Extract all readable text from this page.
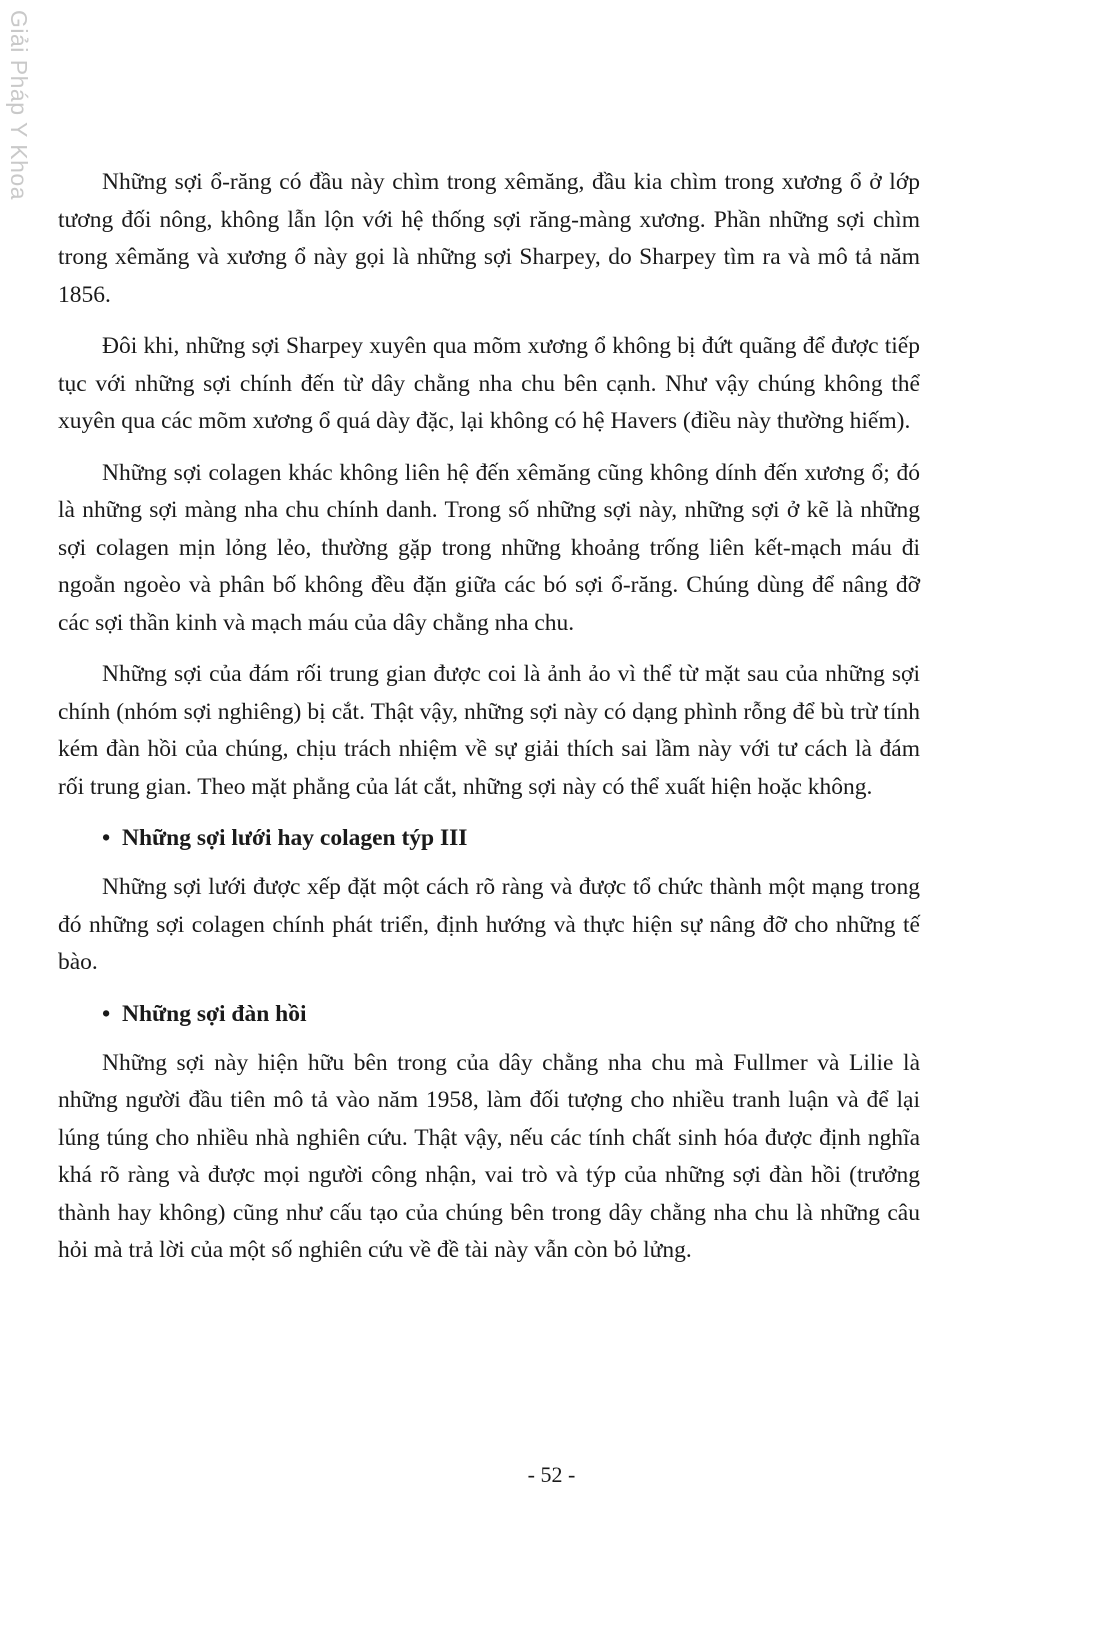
Giải Pháp Y Khoa	Những sợi ổ-răng có đầu này chìm trong xêmăng, đầu kia chìm trong xương ổ ở lớp tương đối nông, không lẫn lộn với hệ thống sợi răng-màng xương. Phần những sợi chìm trong xêmăng và xương ổ này gọi là những sợi Sharpey, do Sharpey tìm ra và mô tả năm 1856.

Đôi khi, những sợi Sharpey xuyên qua mõm xương ổ không bị đứt quãng để được tiếp tục với những sợi chính đến từ dây chằng nha chu bên cạnh. Như vậy chúng không thể xuyên qua các mõm xương ổ quá dày đặc, lại không có hệ Havers (điều này thường hiếm).

Những sợi colagen khác không liên hệ đến xêmăng cũng không dính đến xương ổ; đó là những sợi màng nha chu chính danh. Trong số những sợi này, những sợi ở kẽ là những sợi colagen mịn lỏng lẻo, thường gặp trong những khoảng trống liên kết-mạch máu đi ngoằn ngoèo và phân bố không đều đặn giữa các bó sợi ổ-răng. Chúng dùng để nâng đỡ các sợi thần kinh và mạch máu của dây chằng nha chu.

Những sợi của đám rối trung gian được coi là ảnh ảo vì thể từ mặt sau của những sợi chính (nhóm sợi nghiêng) bị cắt. Thật vậy, những sợi này có dạng phình rỗng để bù trừ tính kém đàn hồi của chúng, chịu trách nhiệm về sự giải thích sai lầm này với tư cách là đám rối trung gian. Theo mặt phẳng của lát cắt, những sợi này có thể xuất hiện hoặc không.

• Những sợi lưới hay colagen týp III

Những sợi lưới được xếp đặt một cách rõ ràng và được tổ chức thành một mạng trong đó những sợi colagen chính phát triển, định hướng và thực hiện sự nâng đỡ cho những tế bào.

• Những sợi đàn hồi

Những sợi này hiện hữu bên trong của dây chằng nha chu mà Fullmer và Lilie là những người đầu tiên mô tả vào năm 1958, làm đối tượng cho nhiều tranh luận và để lại lúng túng cho nhiều nhà nghiên cứu. Thật vậy, nếu các tính chất sinh hóa được định nghĩa khá rõ ràng và được mọi người công nhận, vai trò và týp của những sợi đàn hồi (trưởng thành hay không) cũng như cấu tạo của chúng bên trong dây chằng nha chu là những câu hỏi mà trả lời của một số nghiên cứu về đề tài này vẫn còn bỏ lửng.

- 52 -
